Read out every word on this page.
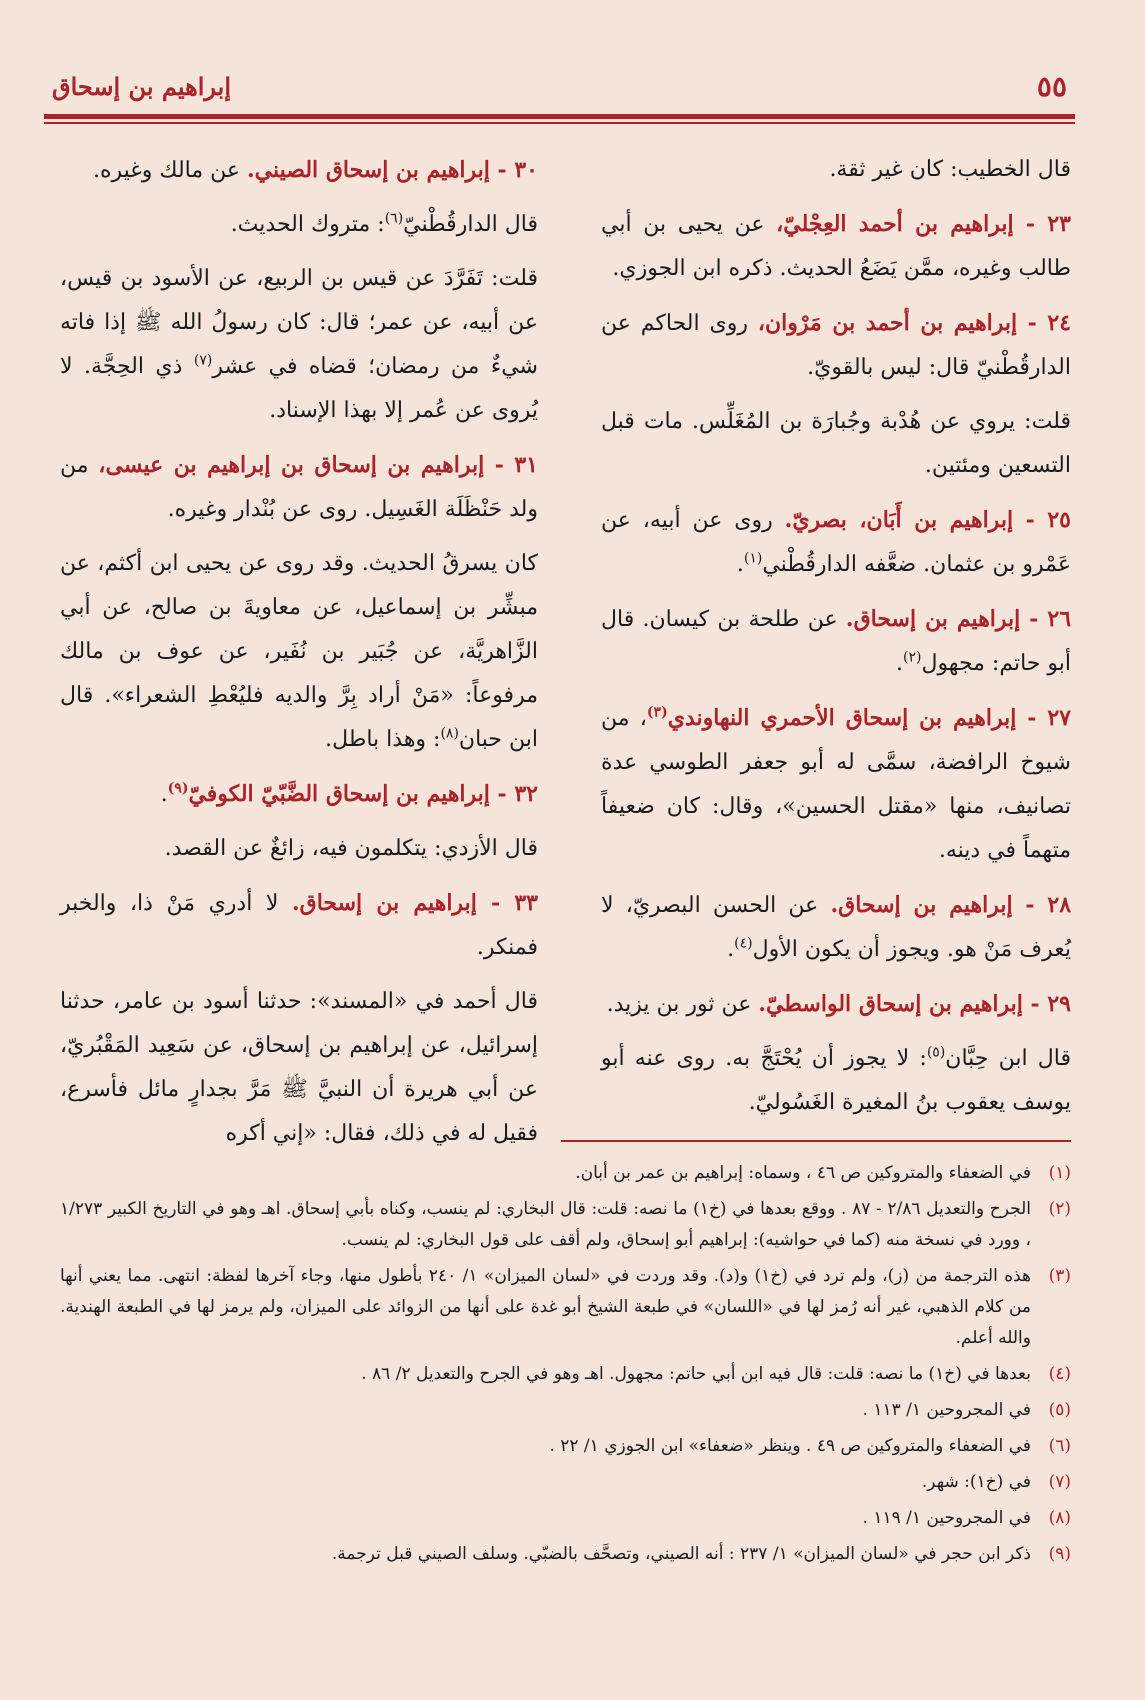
٥٥
إبراهيم بن إسحاق

قال الخطيب: كان غير ثقة.

٢٣ - إبراهيم بن أحمد العِجْليّ، عن يحيى بن أبي طالب وغيره، ممَّن يَضَعُ الحديث. ذكره ابن الجوزي.

٢٤ - إبراهيم بن أحمد بن مَرْوان، روى الحاكم عن الدارقُطْنيّ قال: ليس بالقويّ.

قلت: يروي عن هُدْبة وجُبارَة بن المُغَلِّس. مات قبل التسعين ومئتين.

٢٥ - إبراهيم بن أَبَان، بصريّ. روى عن أبيه، عن عَمْرو بن عثمان. ضعَّفه الدارقُطْني$^{(١)}$.

٢٦ - إبراهيم بن إسحاق. عن طلحة بن كيسان. قال أبو حاتم: مجهول$^{(٢)}$.

٢٧ - إبراهيم بن إسحاق الأحمري النهاوندي$^{(٣)}$، من شيوخ الرافضة، سمَّى له أبو جعفر الطوسي عدة تصانيف، منها «مقتل الحسين»، وقال: كان ضعيفاً متهماً في دينه.

٢٨ - إبراهيم بن إسحاق. عن الحسن البصريّ، لا يُعرف مَنْ هو. ويجوز أن يكون الأول$^{(٤)}$.

٢٩ - إبراهيم بن إسحاق الواسطيّ. عن ثور بن يزيد.

قال ابن حِبَّان$^{(٥)}$: لا يجوز أن يُحْتَجَّ به. روى عنه أبو يوسف يعقوب بنُ المغيرة الغَسُوليّ.

٣٠ - إبراهيم بن إسحاق الصيني. عن مالك وغيره.

قال الدارقُطْنيّ$^{(٦)}$: متروك الحديث.

قلت: تَفَرَّدَ عن قيس بن الربيع، عن الأسود بن قيس، عن أبيه، عن عمر؛ قال: كان رسولُ الله ﷺ إذا فاته شيءٌ من رمضان؛ قضاه في عشر$^{(٧)}$ ذي الحِجَّة. لا يُروى عن عُمر إلا بهذا الإسناد.

٣١ - إبراهيم بن إسحاق بن إبراهيم بن عيسى، من ولد حَنْظَلَة الغَسِيل. روى عن بُنْدار وغيره.

كان يسرقُ الحديث. وقد روى عن يحيى ابن أكثم، عن مبشِّر بن إسماعيل، عن معاويةَ بن صالح، عن أبي الزَّاهريَّة، عن جُبَير بن نُفَير، عن عوف بن مالك مرفوعاً: «مَنْ أراد بِرَّ والديه فليُعْطِ الشعراء». قال ابن حبان$^{(٨)}$: وهذا باطل.

٣٢ - إبراهيم بن إسحاق الضَّبّيّ الكوفيّ$^{(٩)}$.

قال الأزدي: يتكلمون فيه، زائغٌ عن القصد.

٣٣ - إبراهيم بن إسحاق. لا أدري مَنْ ذا، والخبر فمنكر.

قال أحمد في «المسند»: حدثنا أسود بن عامر، حدثنا إسرائيل، عن إبراهيم بن إسحاق، عن سَعِيد المَقْبُريّ، عن أبي هريرة أن النبيَّ ﷺ مَرَّ بجدارٍ مائل فأسرع، فقيل له في ذلك، فقال: «إني أكره

(١)
في الضعفاء والمتروكين ص ٤٦ ، وسماه: إبراهيم بن عمر بن أبان.
(٢)
الجرح والتعديل ٢/٨٦ - ٨٧ . ووقع بعدها في (خ١) ما نصه: قلت: قال البخاري: لم ينسب، وكناه بأبي إسحاق. اهـ وهو في التاريخ الكبير ١/٢٧٣ ، وورد في نسخة منه (كما في حواشيه): إبراهيم أبو إسحاق، ولم أقف على قول البخاري: لم ينسب.
(٣)
هذه الترجمة من (ز)، ولم ترد في (خ١) و(د). وقد وردت في «لسان الميزان» ١/ ٢٤٠ بأطول منها، وجاء آخرها لفظة: انتهى. مما يعني أنها من كلام الذهبي، غير أنه رُمز لها في «اللسان» في طبعة الشيخ أبو غدة على أنها من الزوائد على الميزان، ولم يرمز لها في الطبعة الهندية. والله أعلم.
(٤)
بعدها في (خ١) ما نصه: قلت: قال فيه ابن أبي حاتم: مجهول. اهـ وهو في الجرح والتعديل ٢/ ٨٦ .
(٥)
في المجروحين ١/ ١١٣ .
(٦)
في الضعفاء والمتروكين ص ٤٩ . وينظر «ضعفاء» ابن الجوزي ١/ ٢٢ .
(٧)
في (خ١): شهر.
(٨)
في المجروحين ١/ ١١٩ .
(٩)
ذكر ابن حجر في «لسان الميزان» ١/ ٢٣٧ : أنه الصيني، وتصحَّف بالضبّي. وسلف الصيني قبل ترجمة.
